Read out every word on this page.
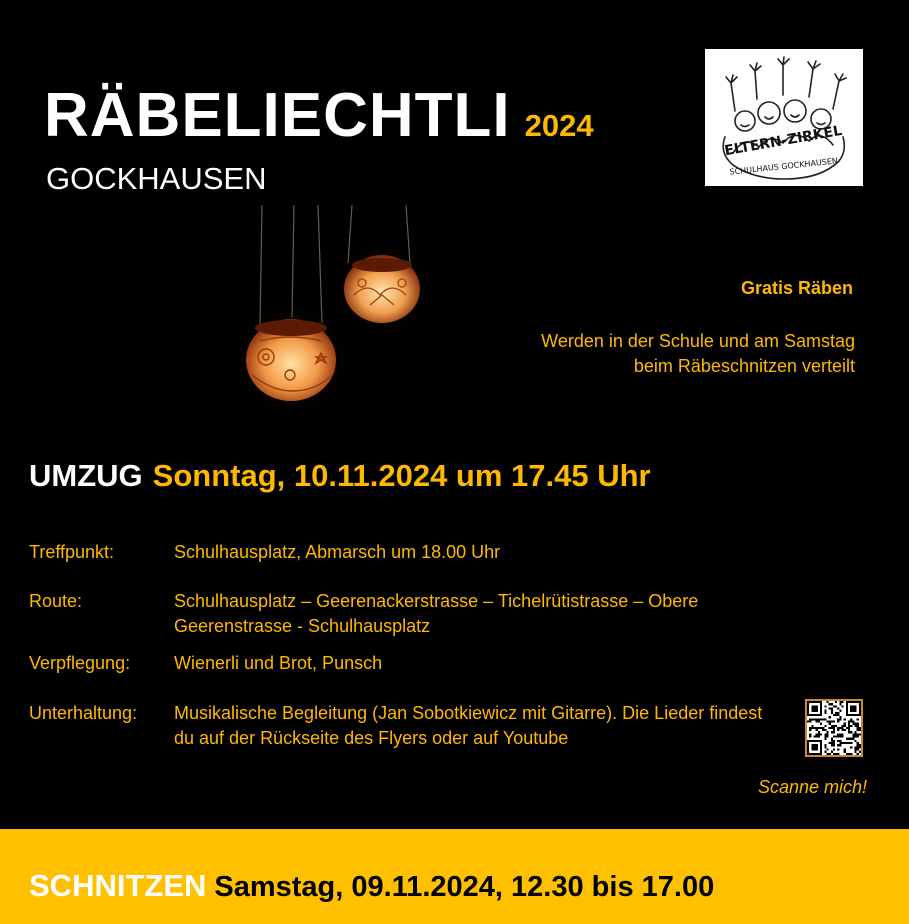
RÄBELIECHTLI 2024
GOCKHAUSEN
ELTERN-ZIRKEL
SCHULHAUS GOCKHAUSEN
Gratis Räben
Werden in der Schule und am Samstag beim Räbeschnitzen verteilt
UMZUG Sonntag, 10.11.2024 um 17.45 Uhr
Treffpunkt:	Schulhausplatz, Abmarsch um 18.00 Uhr
Route:	Schulhausplatz – Geerenackerstrasse – Tichelrütistrasse – Obere Geerenstrasse - Schulhausplatz
Verpflegung: Wienerli und Brot, Punsch
Unterhaltung: Musikalische Begleitung (Jan Sobotkiewicz mit Gitarre). Die Lieder findest du auf der Rückseite des Flyers oder auf Youtube
Scanne mich!
SCHNITZEN Samstag, 09.11.2024, 12.30 bis 17.00
